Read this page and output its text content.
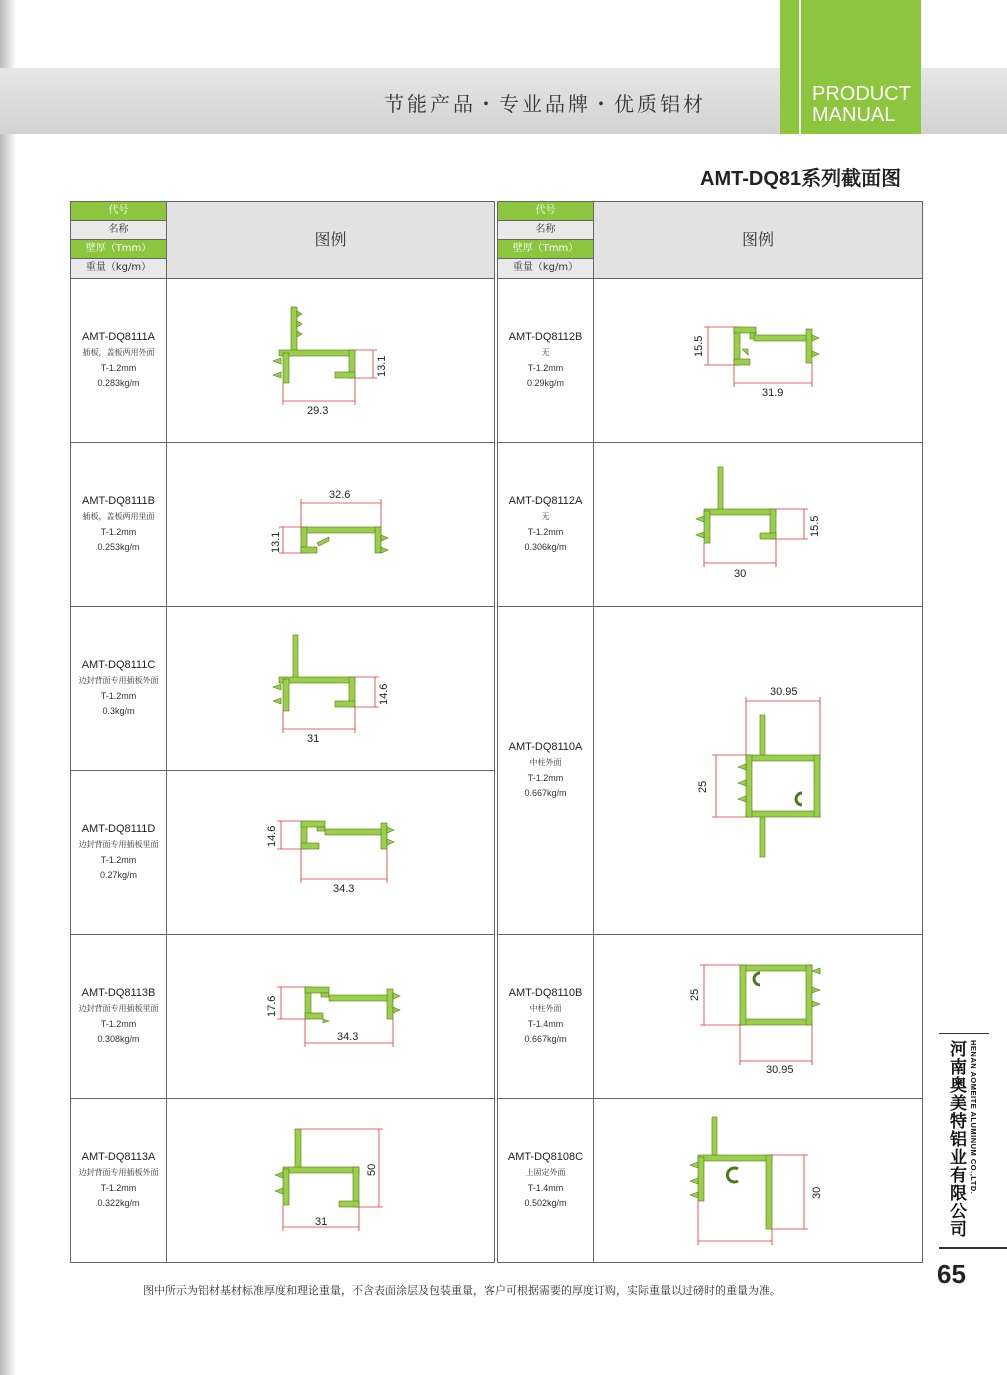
节能产品・专业品牌・优质铝材	PRODUCT
MANUAL
AMT-DQ81系列截面图
代号
名称
壁厚（Tmm）
重量（kg/m）
图例
AMT-DQ8111A
插板，盖板两用外面
T-1.2mm
0.283kg/m
29.3
13.1
AMT-DQ8111B
插板，盖板两用里面
T-1.2mm
0.253kg/m
32.6
13.1
AMT-DQ8111C
边封背面专用插板外面
T-1.2mm
0.3kg/m
31
14.6
AMT-DQ8111D
边封背面专用插板里面
T-1.2mm
0.27kg/m
34.3
14.6
AMT-DQ8113B
边封背面专用插板里面
T-1.2mm
0.308kg/m	34.3
17.6
AMT-DQ8113A
边封背面专用插板外面
T-1.2mm
0.322kg/m
31
50
代号
名称
壁厚（Tmm）
重量（kg/m）
图例
AMT-DQ8112B
无
T-1.2mm
0.29kg/m
31.9
15.5
AMT-DQ8112A
无
T-1.2mm
0.306kg/m
30
15.5
AMT-DQ8110A
中柱外面
T-1.2mm
0.667kg/m
30.95
25
AMT-DQ8110B
中柱外面
T-1.4mm
0.667kg/m
30.95
25
AMT-DQ8108C
上固定外面
T-1.4mm
0.502kg/m
30
图中所示为铝材基材标准厚度和理论重量，不含表面涂层及包装重量，客户可根据需要的厚度订购，实际重量以过磅时的重量为准。
河南奥美特铝业有限公司 HENAN AOMEITE ALUMINUM CO.,LTD.
65
